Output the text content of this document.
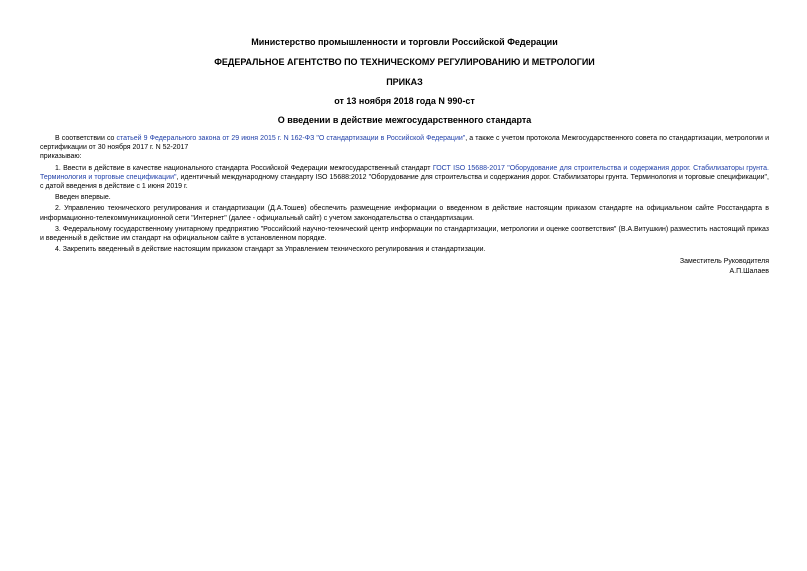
Министерство промышленности и торговли Российской Федерации
ФЕДЕРАЛЬНОЕ АГЕНТСТВО ПО ТЕХНИЧЕСКОМУ РЕГУЛИРОВАНИЮ И МЕТРОЛОГИИ
ПРИКАЗ
от 13 ноября 2018 года N 990-ст
О введении в действие межгосударственного стандарта

В соответствии со статьей 9 Федерального закона от 29 июня 2015 г. N 162-ФЗ "О стандартизации в Российской Федерации", а также с учетом протокола Межгосударственного совета по стандартизации, метрологии и сертификации от 30 ноября 2017 г. N 52-2017

приказываю:

1. Ввести в действие в качестве национального стандарта Российской Федерации межгосударственный стандарт ГОСТ ISO 15688-2017 "Оборудование для строительства и содержания дорог. Стабилизаторы грунта. Терминология и торговые спецификации", идентичный международному стандарту ISO 15688:2012 "Оборудование для строительства и содержания дорог. Стабилизаторы грунта. Терминология и торговые спецификации", с датой введения в действие с 1 июня 2019 г.

Введен впервые.

2. Управлению технического регулирования и стандартизации (Д.А.Тошев) обеспечить размещение информации о введенном в действие настоящим приказом стандарте на официальном сайте Росстандарта в информационно-телекоммуникационной сети "Интернет" (далее - официальный сайт) с учетом законодательства о стандартизации.

3. Федеральному государственному унитарному предприятию "Российский научно-технический центр информации по стандартизации, метрологии и оценке соответствия" (В.А.Витушкин) разместить настоящий приказ и введенный в действие им стандарт на официальном сайте в установленном порядке.

4. Закрепить введенный в действие настоящим приказом стандарт за Управлением технического регулирования и стандартизации.

Заместитель Руководителя
А.П.Шалаев
